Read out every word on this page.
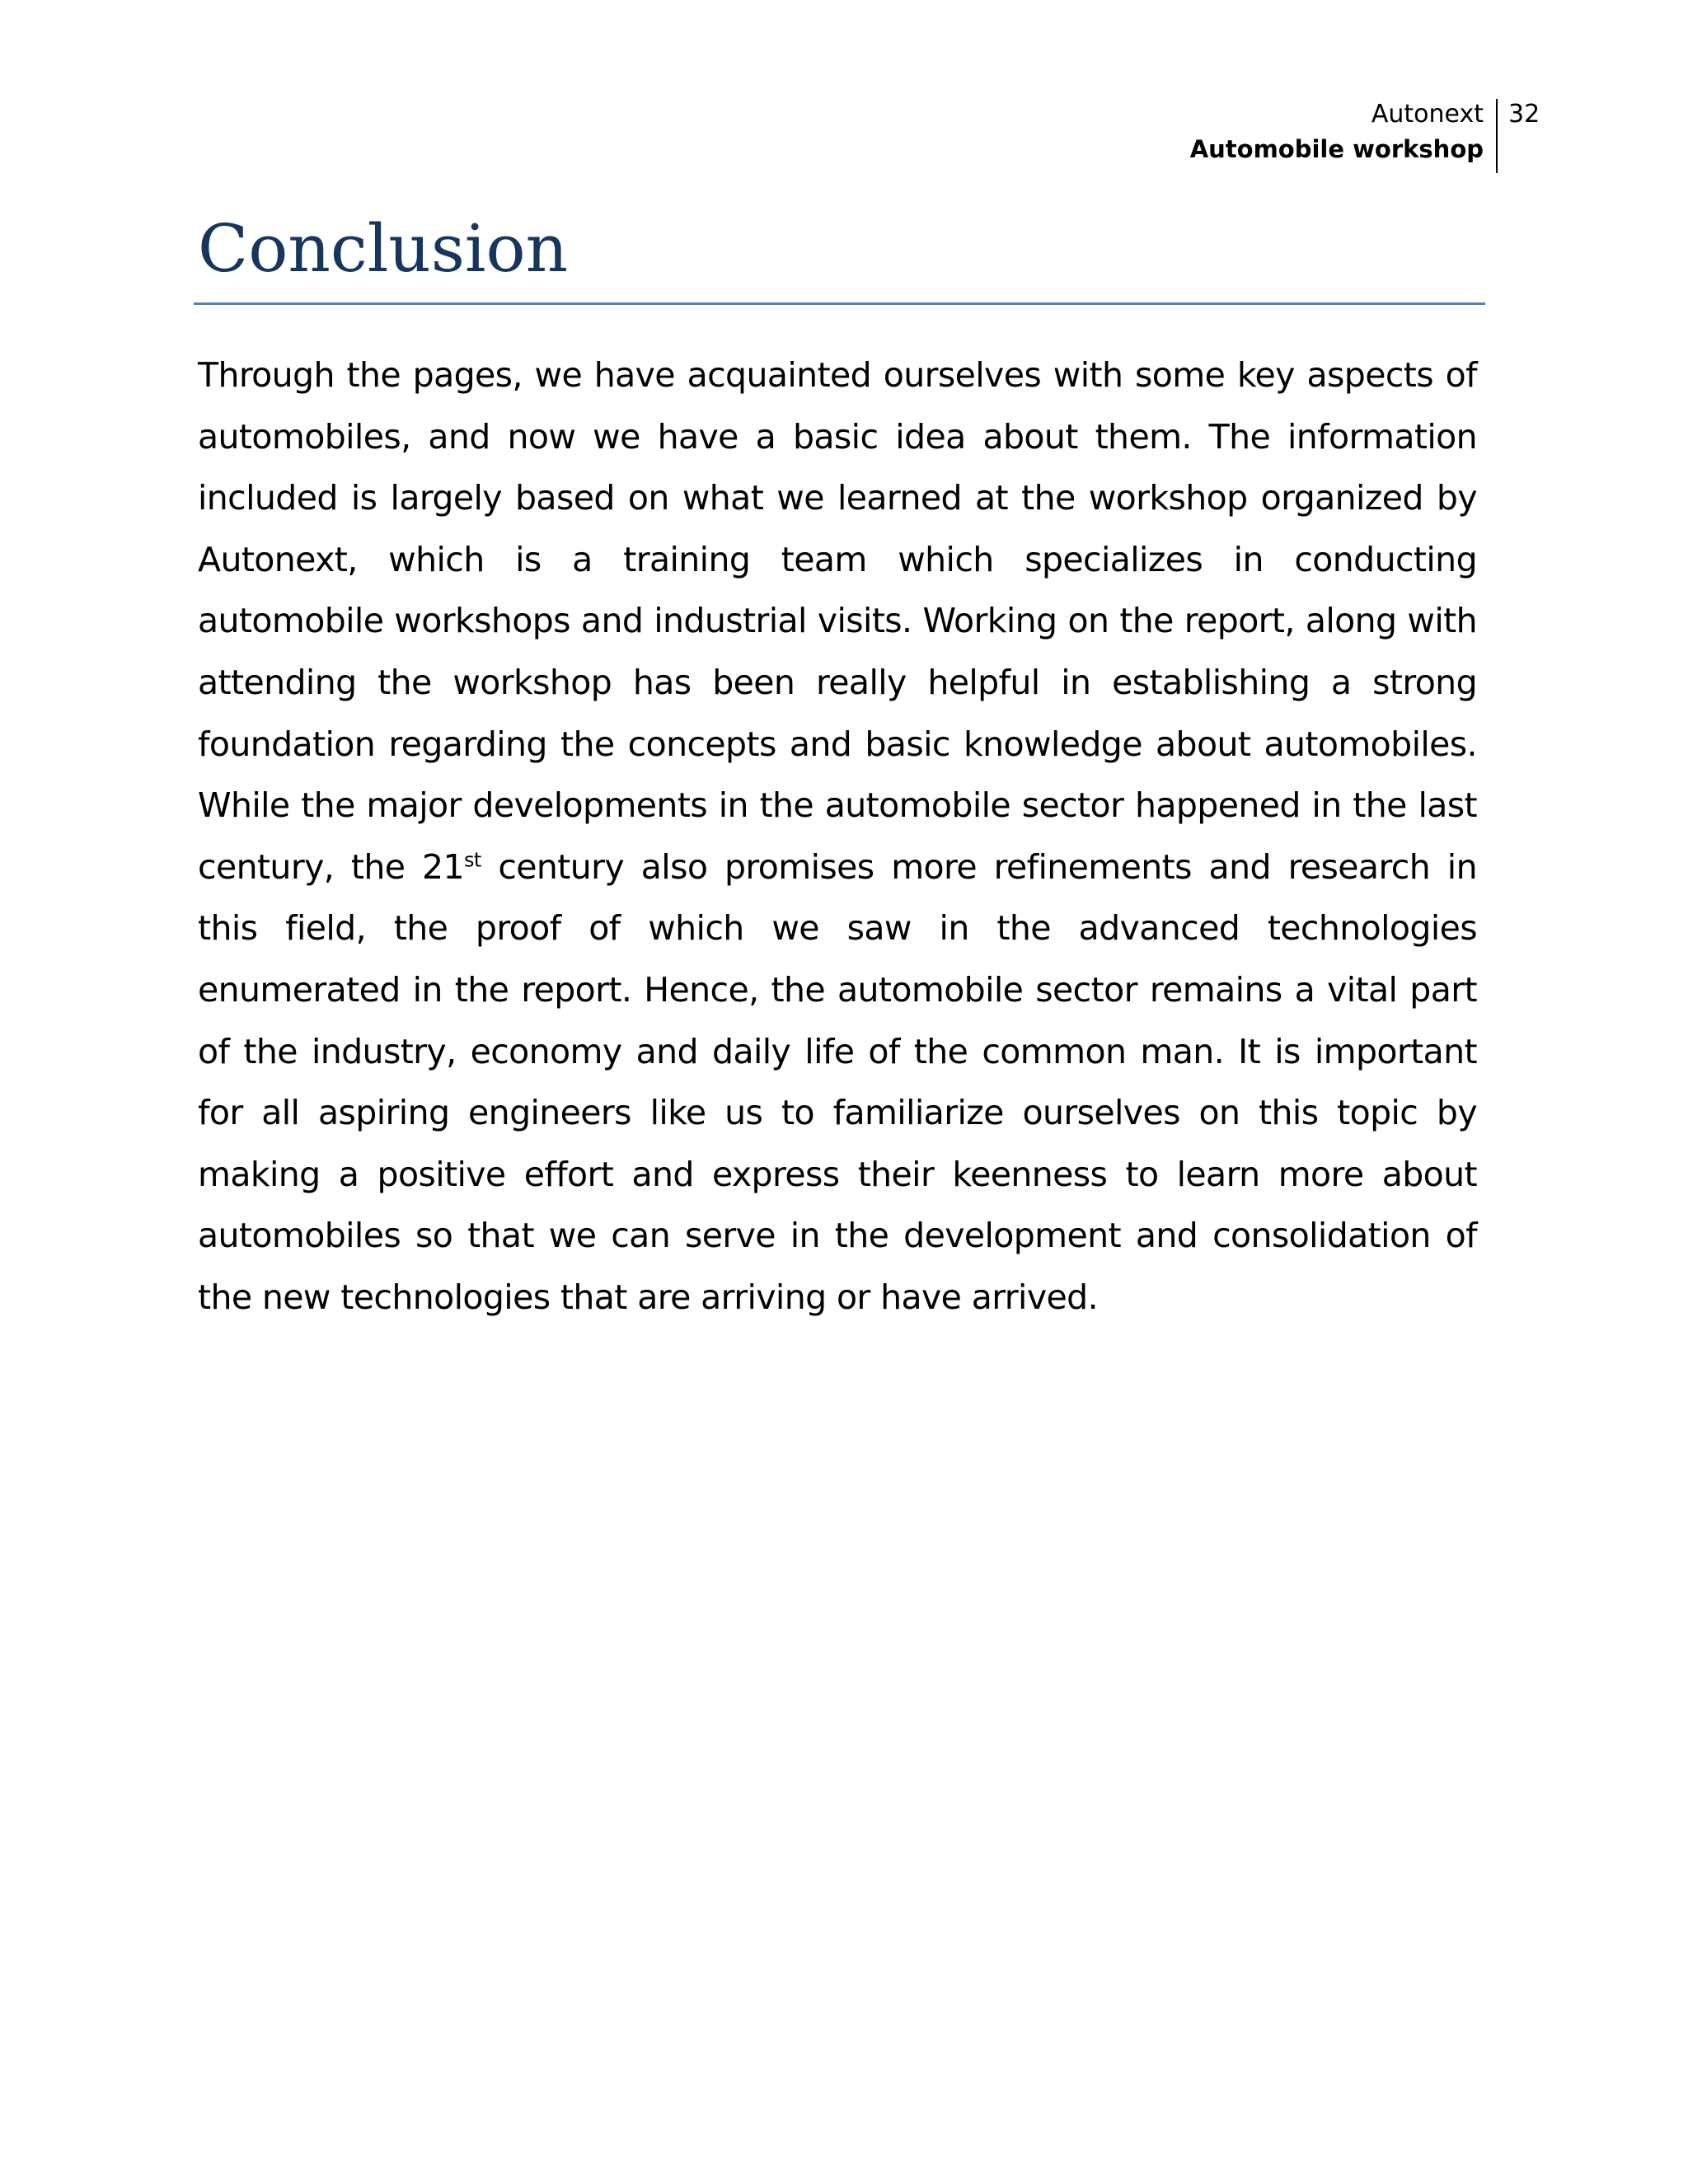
Autonext
Automobile workshop
32
Conclusion

Through the pages, we have acquainted ourselves with some key aspects of automobiles, and now we have a basic idea about them. The information included is largely based on what we learned at the workshop organized by Autonext, which is a training team which specializes in conducting automobile workshops and industrial visits. Working on the report, along with attending the workshop has been really helpful in establishing a strong foundation regarding the concepts and basic knowledge about automobiles. While the major developments in the automobile sector happened in the last century, the 21st century also promises more refinements and research in this field, the proof of which we saw in the advanced technologies enumerated in the report. Hence, the automobile sector remains a vital part of the industry, economy and daily life of the common man. It is important for all aspiring engineers like us to familiarize ourselves on this topic by making a positive effort and express their keenness to learn more about automobiles so that we can serve in the development and consolidation of the new technologies that are arriving or have arrived.
